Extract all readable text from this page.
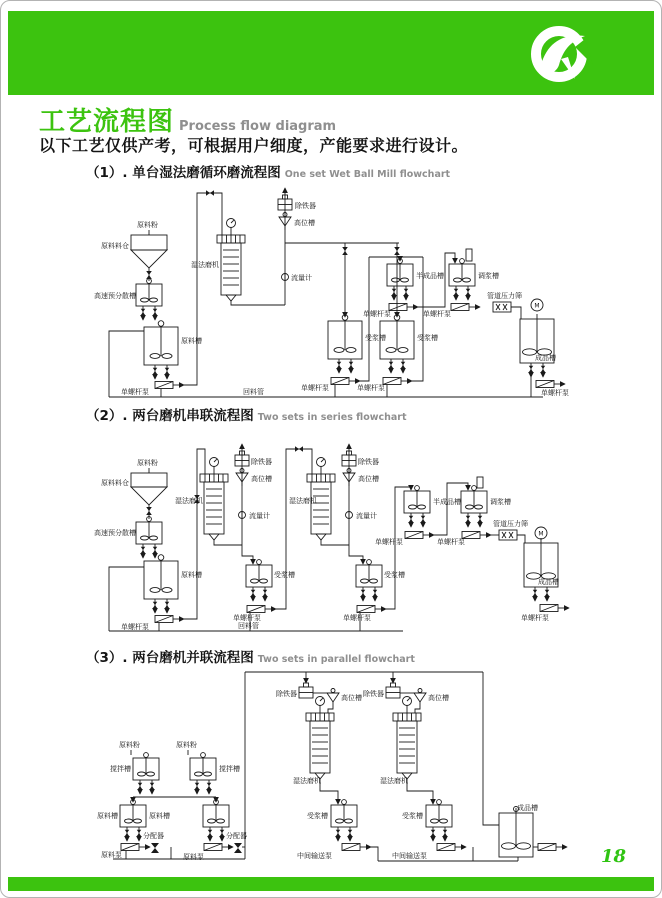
工艺流程图 Process flow diagram
以下工艺仅供产考，可根据用户细度，产能要求进行设计。
（1）. 单台湿法磨循环磨流程图 One set Wet Ball Mill flowchart
（2）. 两台磨机串联流程图 Two sets in series flowchart
（3）. 两台磨机并联流程图 Two sets in parallel flowchart
原料粉
原料料仓
高速预分散槽
原料槽
单螺杆泵
湿法磨机
除铁器
高位槽
流量计
受浆槽	受浆槽
单螺杆泵	单螺杆泵
半成品槽
单螺杆泵
调浆槽
单螺杆泵
管道压力筛
M
成品槽
单螺杆泵
回料管
原料粉
原料料仓
高速预分散槽
原料槽
单螺杆泵
湿法磨机
除铁器
高位槽
流量计
湿法磨机
除铁器
高位槽
流量计
受浆槽	受浆槽
单螺杆泵	单螺杆泵
半成品槽
单螺杆泵
调浆槽
单螺杆泵
管道压力筛
M
成品槽
单螺杆泵
回料管
原料粉	原料粉
搅拌槽	搅拌槽
原料槽	原料槽
原料泵	原料泵
分配器	分配器
除铁器	除铁器
高位槽	高位槽
湿法磨机	湿法磨机
受浆槽	受浆槽
中间输送泵	中间输送泵
成品槽
18
